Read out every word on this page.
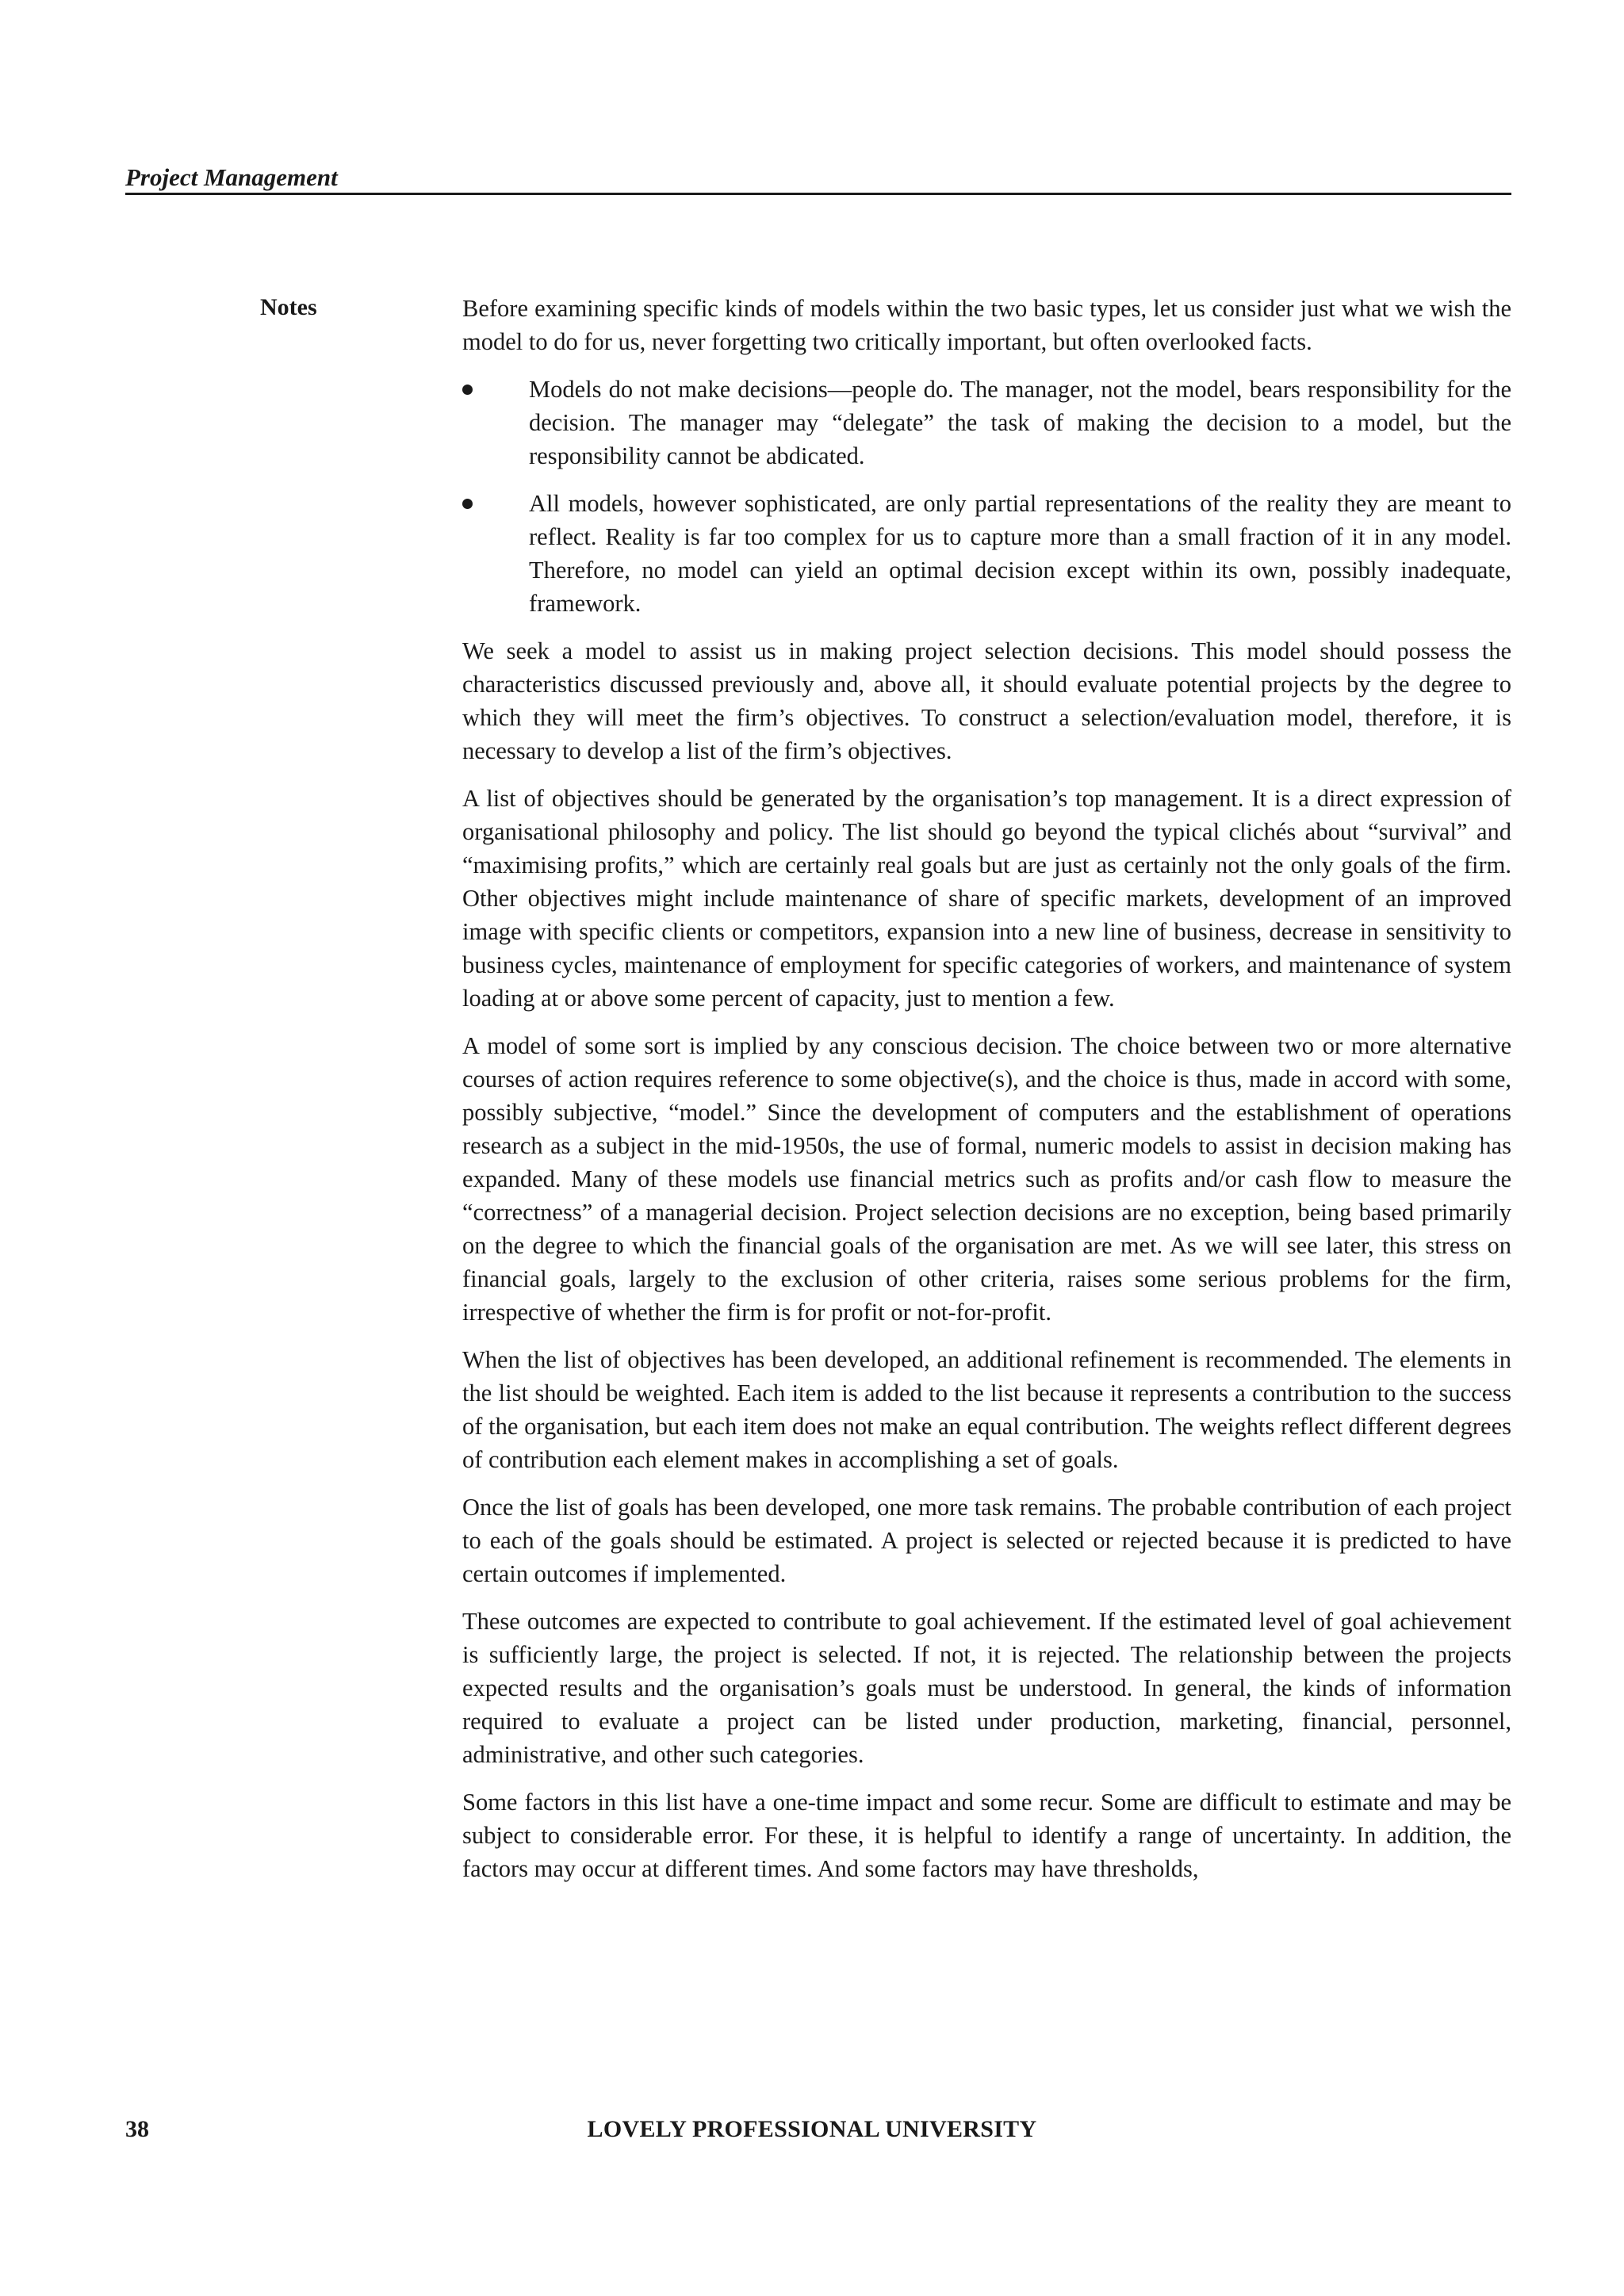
Project Management
Notes	Before examining specific kinds of models within the two basic types, let us consider just what we wish the model to do for us, never forgetting two critically important, but often overlooked facts.

Models do not make decisions—people do. The manager, not the model, bears responsibility for the decision. The manager may “delegate” the task of making the decision to a model, but the responsibility cannot be abdicated.
All models, however sophisticated, are only partial representations of the reality they are meant to reflect. Reality is far too complex for us to capture more than a small fraction of it in any model. Therefore, no model can yield an optimal decision except within its own, possibly inadequate, framework.

We seek a model to assist us in making project selection decisions. This model should possess the characteristics discussed previously and, above all, it should evaluate potential projects by the degree to which they will meet the firm’s objectives. To construct a selection/evaluation model, therefore, it is necessary to develop a list of the firm’s objectives.

A list of objectives should be generated by the organisation’s top management. It is a direct expression of organisational philosophy and policy. The list should go beyond the typical clichés about “survival” and “maximising profits,” which are certainly real goals but are just as certainly not the only goals of the firm. Other objectives might include maintenance of share of specific markets, development of an improved image with specific clients or competitors, expansion into a new line of business, decrease in sensitivity to business cycles, maintenance of employment for specific categories of workers, and maintenance of system loading at or above some percent of capacity, just to mention a few.

A model of some sort is implied by any conscious decision. The choice between two or more alternative courses of action requires reference to some objective(s), and the choice is thus, made in accord with some, possibly subjective, “model.” Since the development of computers and the establishment of operations research as a subject in the mid-1950s, the use of formal, numeric models to assist in decision making has expanded. Many of these models use financial metrics such as profits and/or cash flow to measure the “correctness” of a managerial decision. Project selection decisions are no exception, being based primarily on the degree to which the financial goals of the organisation are met. As we will see later, this stress on financial goals, largely to the exclusion of other criteria, raises some serious problems for the firm, irrespective of whether the firm is for profit or not-for-profit.

When the list of objectives has been developed, an additional refinement is recommended. The elements in the list should be weighted. Each item is added to the list because it represents a contribution to the success of the organisation, but each item does not make an equal contribution. The weights reflect different degrees of contribution each element makes in accomplishing a set of goals.

Once the list of goals has been developed, one more task remains. The probable contribution of each project to each of the goals should be estimated. A project is selected or rejected because it is predicted to have certain outcomes if implemented.

These outcomes are expected to contribute to goal achievement. If the estimated level of goal achievement is sufficiently large, the project is selected. If not, it is rejected. The relationship between the projects expected results and the organisation’s goals must be understood. In general, the kinds of information required to evaluate a project can be listed under production, marketing, financial, personnel, administrative, and other such categories.

Some factors in this list have a one-time impact and some recur. Some are difficult to estimate and may be subject to considerable error. For these, it is helpful to identify a range of uncertainty. In addition, the factors may occur at different times. And some factors may have thresholds,

38	LOVELY PROFESSIONAL UNIVERSITY
